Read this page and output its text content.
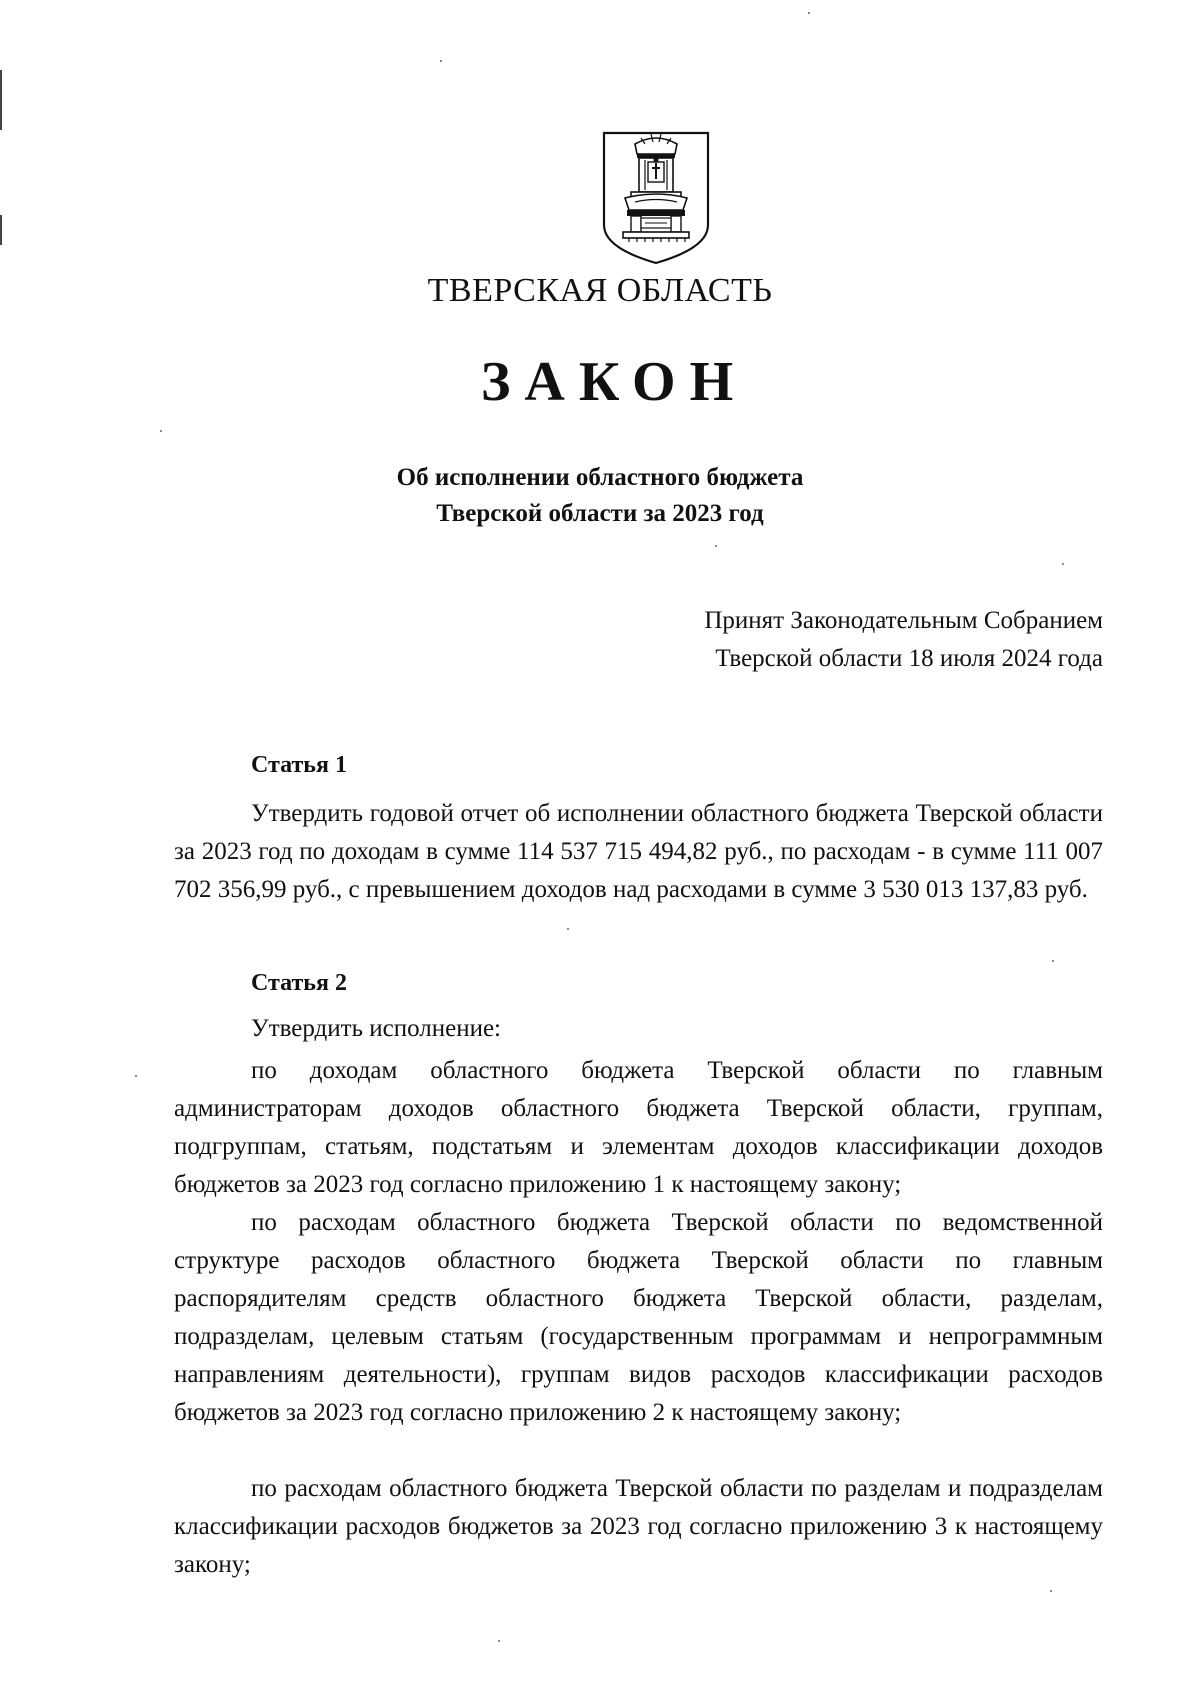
ТВЕРСКАЯ ОБЛАСТЬ
ЗАКОН
Об исполнении областного бюджета
Тверской области за 2023 год
Принят Законодательным Собранием
Тверской области 18 июля 2024 года
Статья 1
Утвердить годовой отчет об исполнении областного бюджета Тверской области за 2023 год по доходам в сумме 114 537 715 494,82 руб., по расходам - в сумме 111 007 702 356,99 руб., с превышением доходов над расходами в сумме 3 530 013 137,83 руб.
Статья 2
Утвердить исполнение:
по доходам областного бюджета Тверской области по главным администраторам доходов областного бюджета Тверской области, группам, подгруппам, статьям, подстатьям и элементам доходов классификации доходов бюджетов за 2023 год согласно приложению 1 к настоящему закону;
по расходам областного бюджета Тверской области по ведомственной структуре расходов областного бюджета Тверской области по главным распорядителям средств областного бюджета Тверской области, разделам, подразделам, целевым статьям (государственным программам и непрограммным направлениям деятельности), группам видов расходов классификации расходов бюджетов за 2023 год согласно приложению 2 к настоящему закону;
по расходам областного бюджета Тверской области по разделам и подразделам классификации расходов бюджетов за 2023 год согласно приложению 3 к настоящему закону;
